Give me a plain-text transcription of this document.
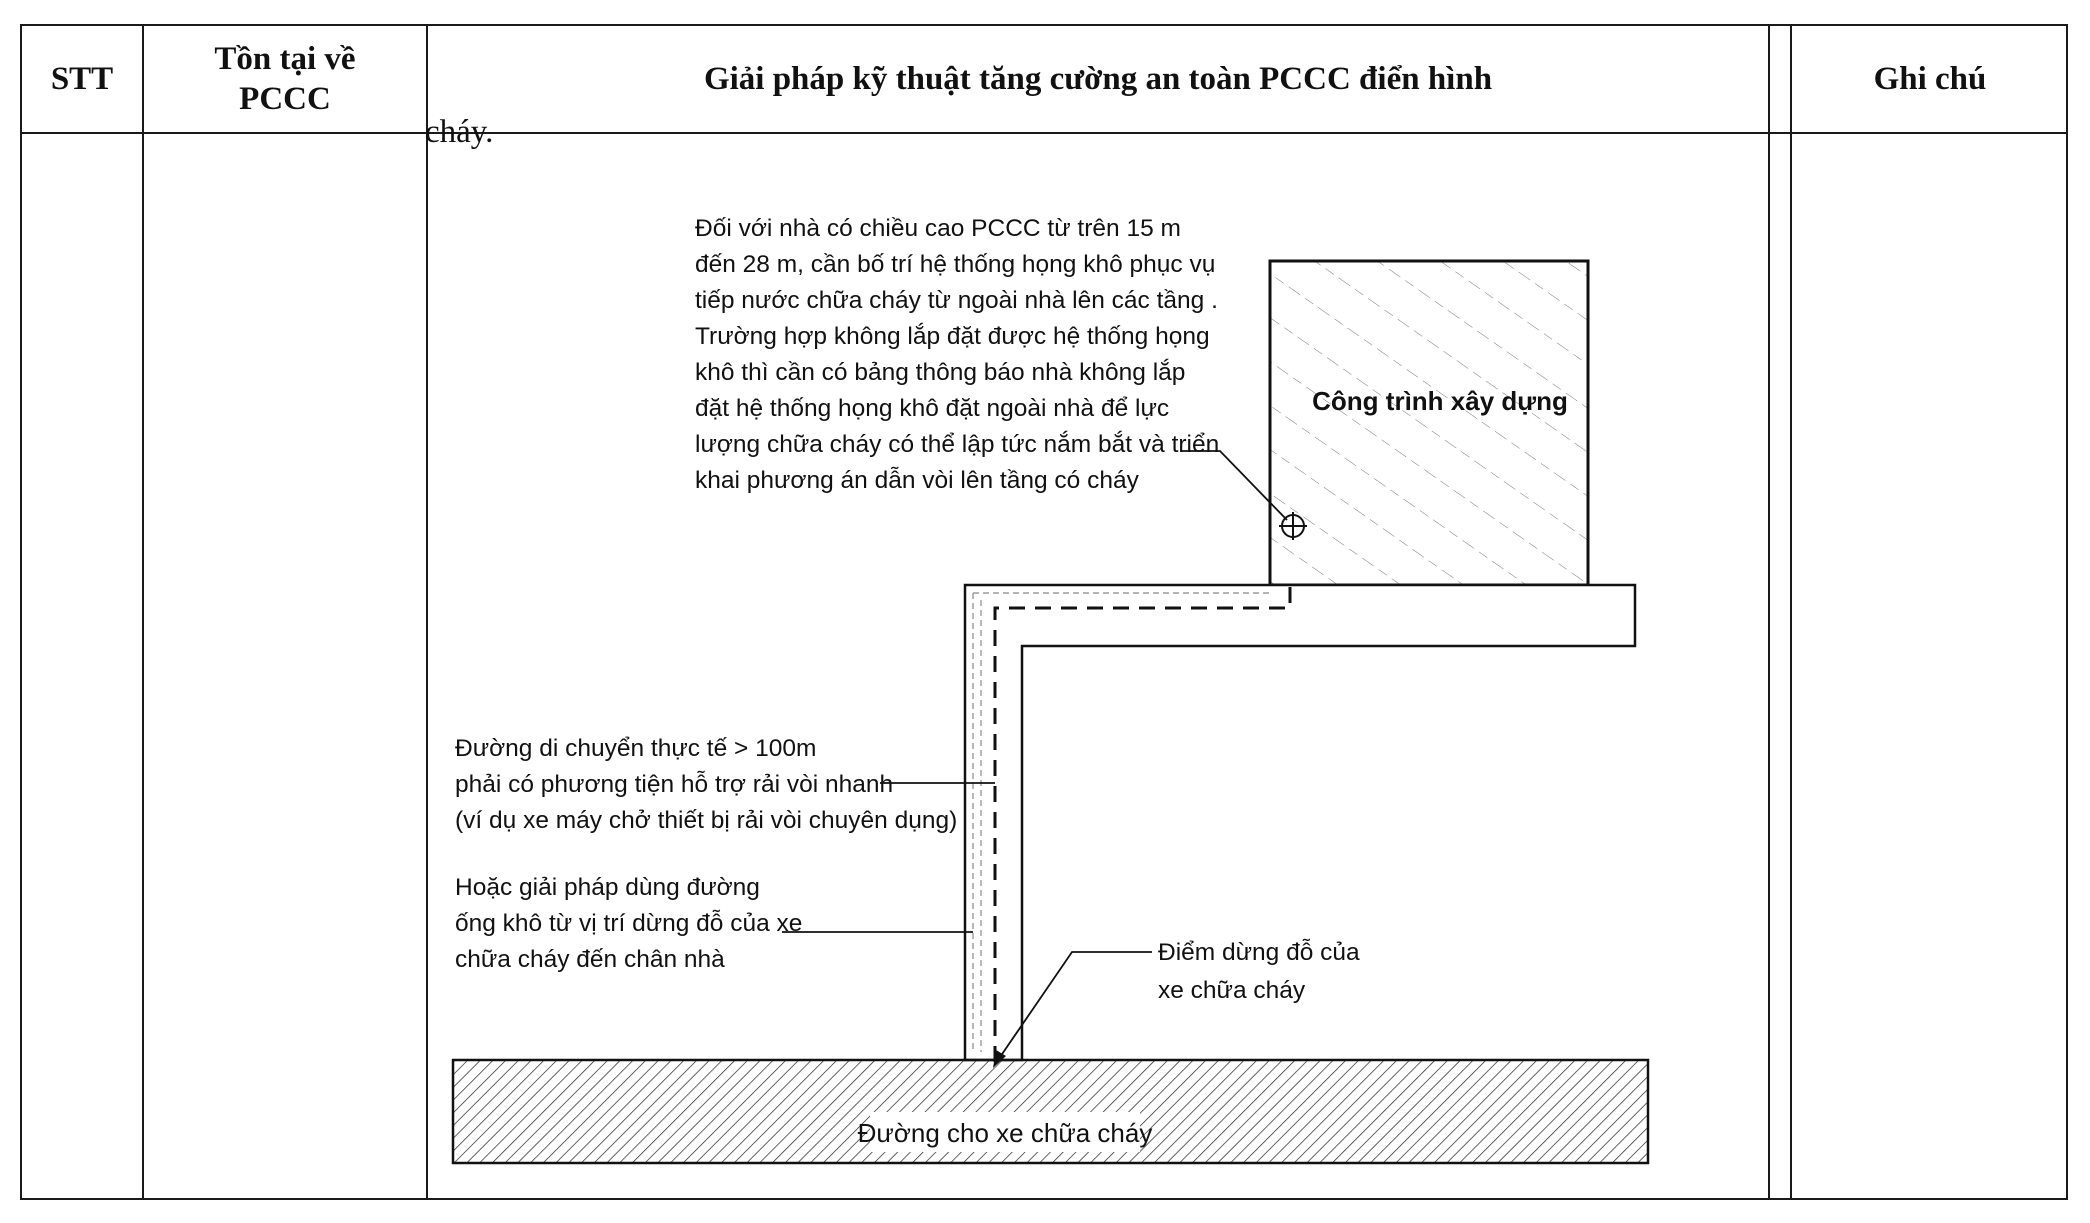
STT
Tồn tại về
PCCC
Giải pháp kỹ thuật tăng cường an toàn PCCC điển hình	Ghi chú
cháy.
Công trình xây dựng
Đường cho xe chữa cháy
Đối với nhà có chiều cao PCCC từ trên 15 m
đến 28 m, cần bố trí hệ thống họng khô phục vụ
tiếp nước chữa cháy từ ngoài nhà lên các tầng .
Trường hợp không lắp đặt được hệ thống họng
khô thì cần có bảng thông báo nhà không lắp
đặt hệ thống họng khô đặt ngoài nhà để lực
lượng chữa cháy có thể lập tức nắm bắt và triển
khai phương án dẫn vòi lên tầng có cháy
Đường di chuyển thực tế > 100m
phải có phương tiện hỗ trợ rải vòi nhanh
(ví dụ xe máy chở thiết bị rải vòi chuyên dụng)
Hoặc giải pháp dùng đường
ống khô từ vị trí dừng đỗ của xe
chữa cháy đến chân nhà	Điểm dừng đỗ của
xe chữa cháy
